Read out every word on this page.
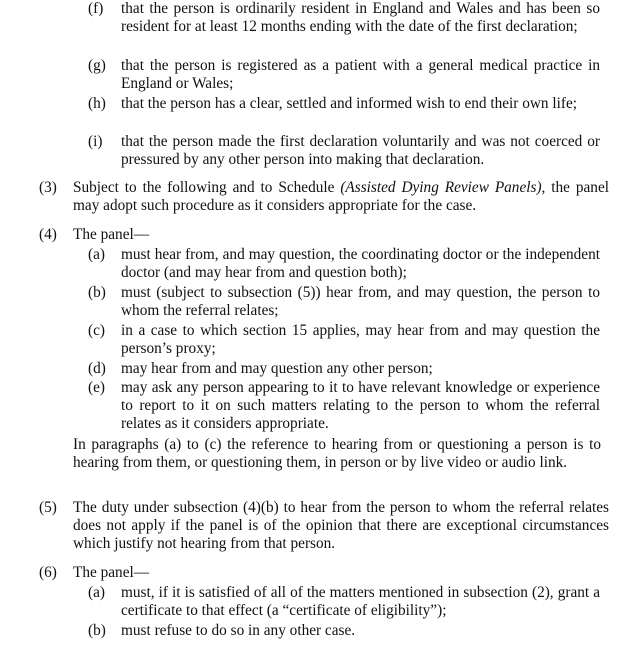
(f)	that the person is ordinarily resident in England and Wales and has been so resident for at least 12 months ending with the date of the first declaration;
(g) that the person is registered as a patient with a general medical practice in England or Wales;
(h) that the person has a clear, settled and informed wish to end their own life;
(i)	that the person made the first declaration voluntarily and was not coerced or pressured by any other person into making that declaration.
(3)	Subject to the following and to Schedule (Assisted Dying Review Panels), the panel may adopt such procedure as it considers appropriate for the case.
(4)	The panel—
(a)	must hear from, and may question, the coordinating doctor or the independent doctor (and may hear from and question both);
(b) must (subject to subsection (5)) hear from, and may question, the person to whom the referral relates;
(c)	in a case to which section 15 applies, may hear from and may question the person’s proxy;
(d) may hear from and may question any other person;
(e)	may ask any person appearing to it to have relevant knowledge or experience to report to it on such matters relating to the person to whom the referral relates as it considers appropriate.
In paragraphs (a) to (c) the reference to hearing from or questioning a person is to hearing from them, or questioning them, in person or by live video or audio link.
(5)	The duty under subsection (4)(b) to hear from the person to whom the referral relates does not apply if the panel is of the opinion that there are exceptional circumstances which justify not hearing from that person.
(6)	The panel—
(a)	must, if it is satisfied of all of the matters mentioned in subsection (2), grant a certificate to that effect (a “certificate of eligibility”);
(b) must refuse to do so in any other case.
